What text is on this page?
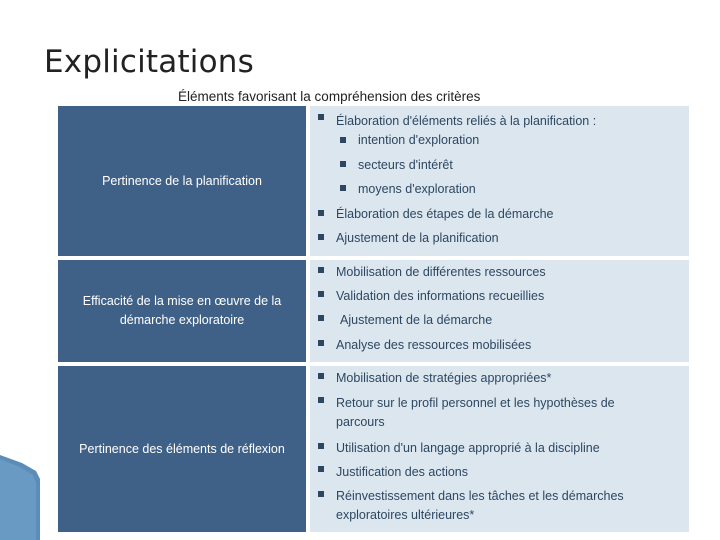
Explicitations
Éléments favorisant la compréhension des critères
Pertinence de la planification
Élaboration d'éléments reliés à la planification :
intention d'exploration
secteurs d'intérêt
moyens d'exploration
Élaboration des étapes de la démarche
Ajustement de la planification
Efficacité de la mise en œuvre de la démarche exploratoire
Mobilisation de différentes ressources
Validation des informations recueillies
Ajustement de la démarche
Analyse des ressources mobilisées
Pertinence des éléments de réflexion
Mobilisation de stratégies appropriées*
Retour sur le profil personnel et les hypothèses de
parcours
Utilisation d'un langage approprié à la discipline
Justification des actions
Réinvestissement dans les tâches et les démarches
exploratoires ultérieures*
